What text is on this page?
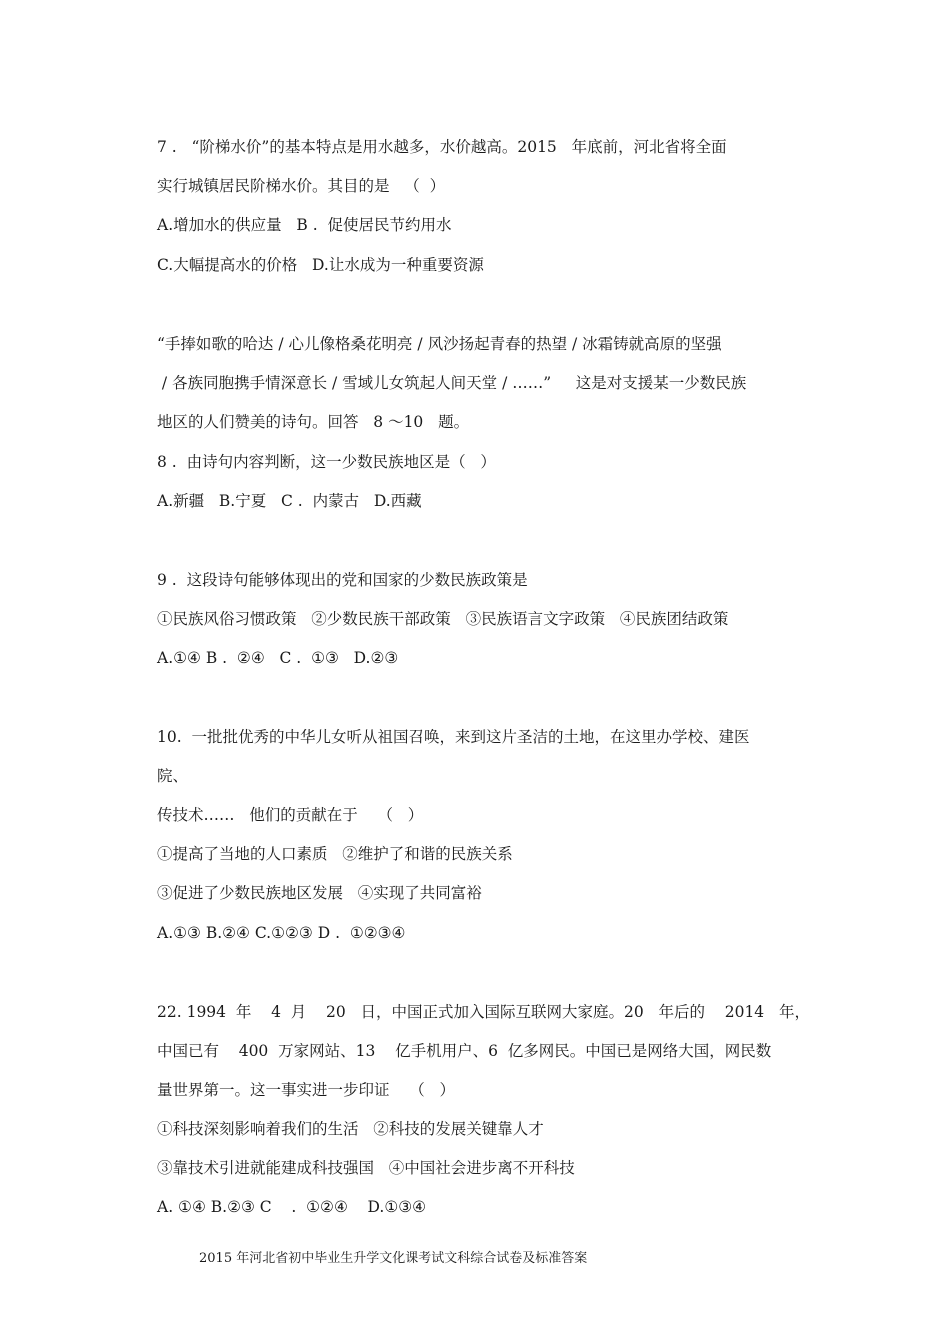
7 .   “阶梯水价”的基本特点是用水越多，水价越高。2015   年底前，河北省将全面

实行城镇居民阶梯水价。其目的是   （  ）

A.增加水的供应量   B .  促使居民节约用水

C.大幅提高水的价格   D.让水成为一种重要资源

“手捧如歌的哈达 / 心儿像格桑花明亮 / 风沙扬起青春的热望 / 冰霜铸就高原的坚强

/ 各族同胞携手情深意长 / 雪域儿女筑起人间天堂 / ……”     这是对支援某一少数民族

地区的人们赞美的诗句。回答   8 ～10   题。

8 .  由诗句内容判断，这一少数民族地区是（   ）

A.新疆   B.宁夏   C .  内蒙古   D.西藏

9 .  这段诗句能够体现出的党和国家的少数民族政策是

①民族风俗习惯政策   ②少数民族干部政策   ③民族语言文字政策   ④民族团结政策

A.①④ B .  ②④   C .  ①③   D.②③

10.  一批批优秀的中华儿女听从祖国召唤，来到这片圣洁的土地，在这里办学校、建医

院、

传技术……   他们的贡献在于    （   ）

①提高了当地的人口素质   ②维护了和谐的民族关系

③促进了少数民族地区发展   ④实现了共同富裕

A.①③ B.②④ C.①②③ D .  ①②③④

22. 1994  年    4  月    20   日，中国正式加入国际互联网大家庭。20   年后的    2014   年，

中国已有    400  万家网站、13    亿手机用户、6  亿多网民。中国已是网络大国，网民数

量世界第一。这一事实进一步印证    （   ）

①科技深刻影响着我们的生活   ②科技的发展关键靠人才

③靠技术引进就能建成科技强国   ④中国社会进步离不开科技

A. ①④ B.②③ C    .  ①②④    D.①③④

2015 年河北省初中毕业生升学文化课考试文科综合试卷及标准答案
